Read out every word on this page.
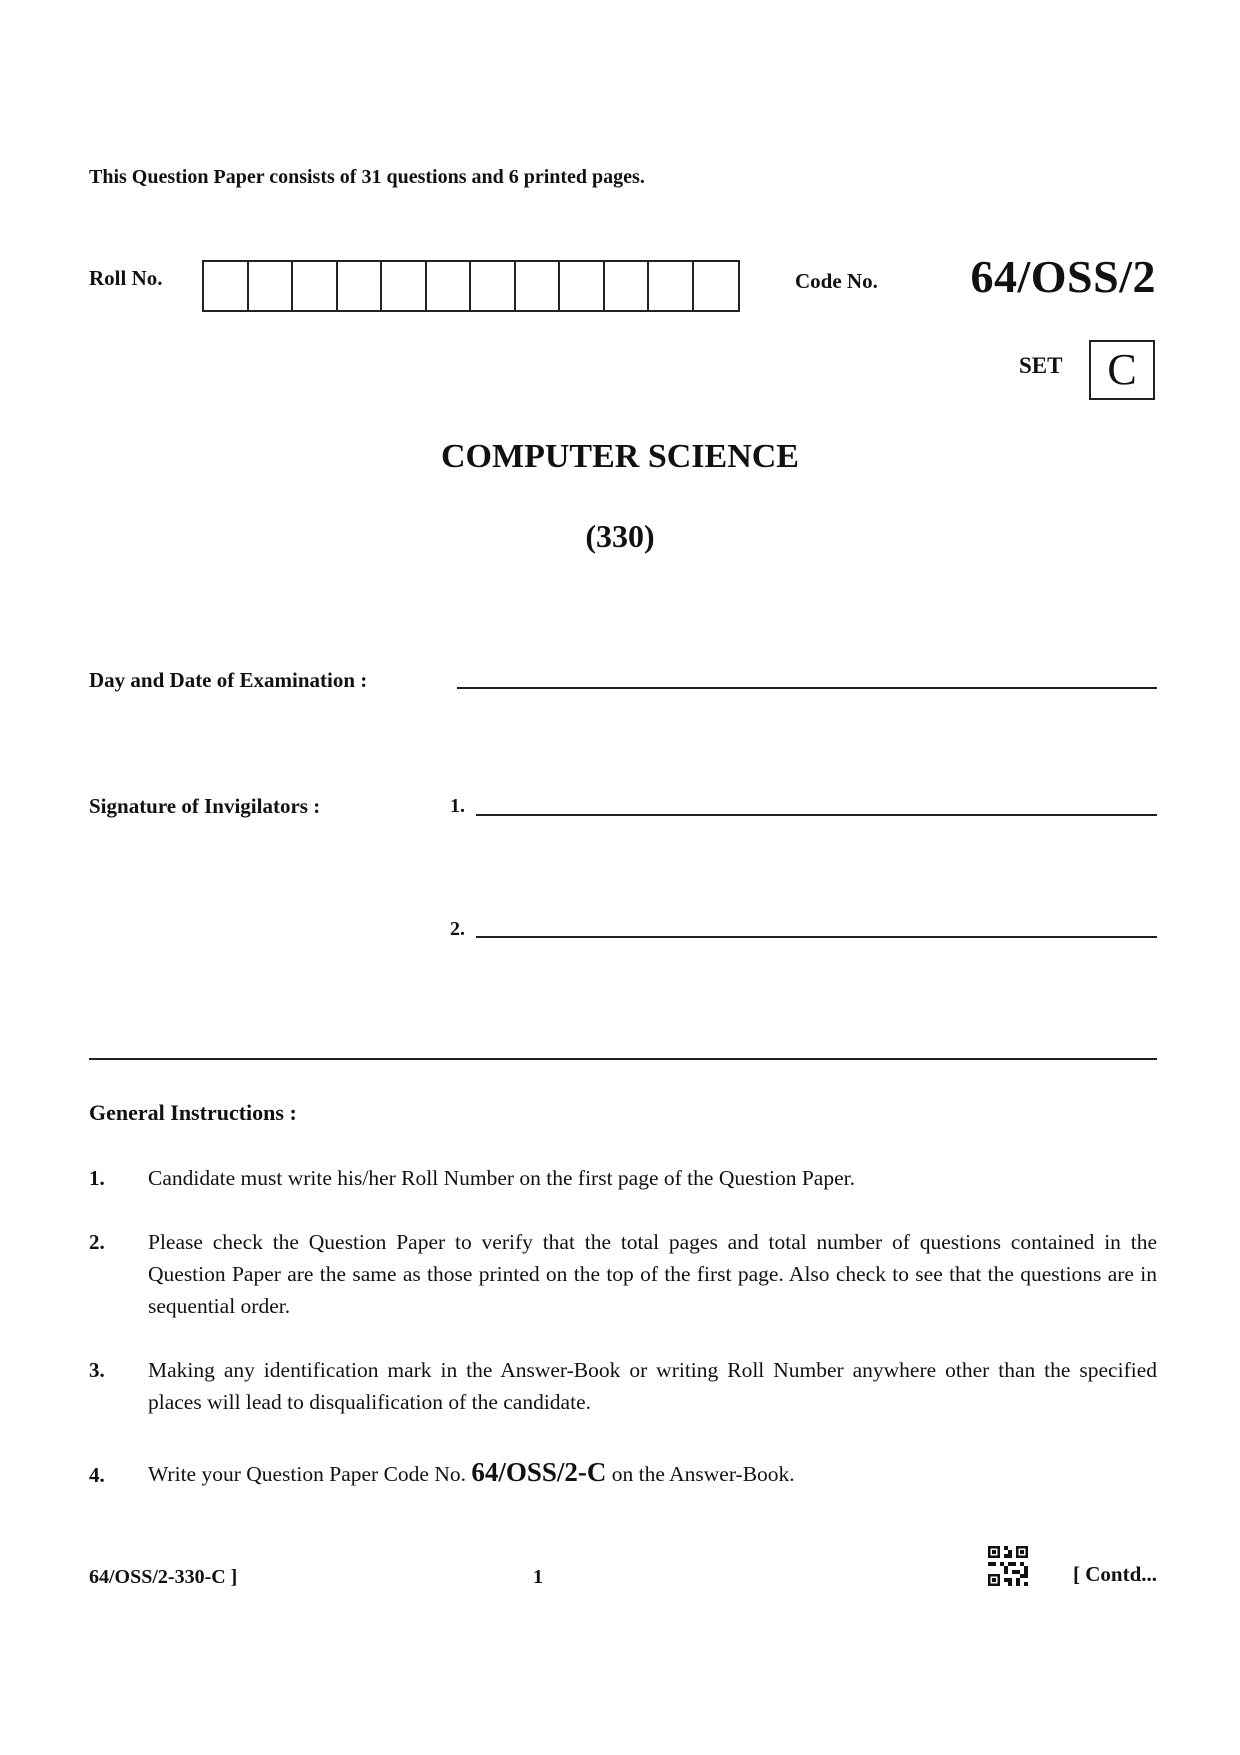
This Question Paper consists of 31 questions and 6 printed pages.
Roll No.	Code No. 64/OSS/2
SET	C
COMPUTER SCIENCE
(330)
Day and Date of Examination :
Signature of Invigilators :	1.
2.
General Instructions :
1. Candidate must write his/her Roll Number on the first page of the Question Paper.
2. Please check the Question Paper to verify that the total pages and total number of questions contained in the Question Paper are the same as those printed on the top of the first page. Also check to see that the questions are in sequential order.
3. Making any identification mark in the Answer-Book or writing Roll Number anywhere other than the specified places will lead to disqualification of the candidate.
4. Write your Question Paper Code No. 64/OSS/2-C on the Answer-Book.
64/OSS/2-330-C ]	1	[ Contd...
